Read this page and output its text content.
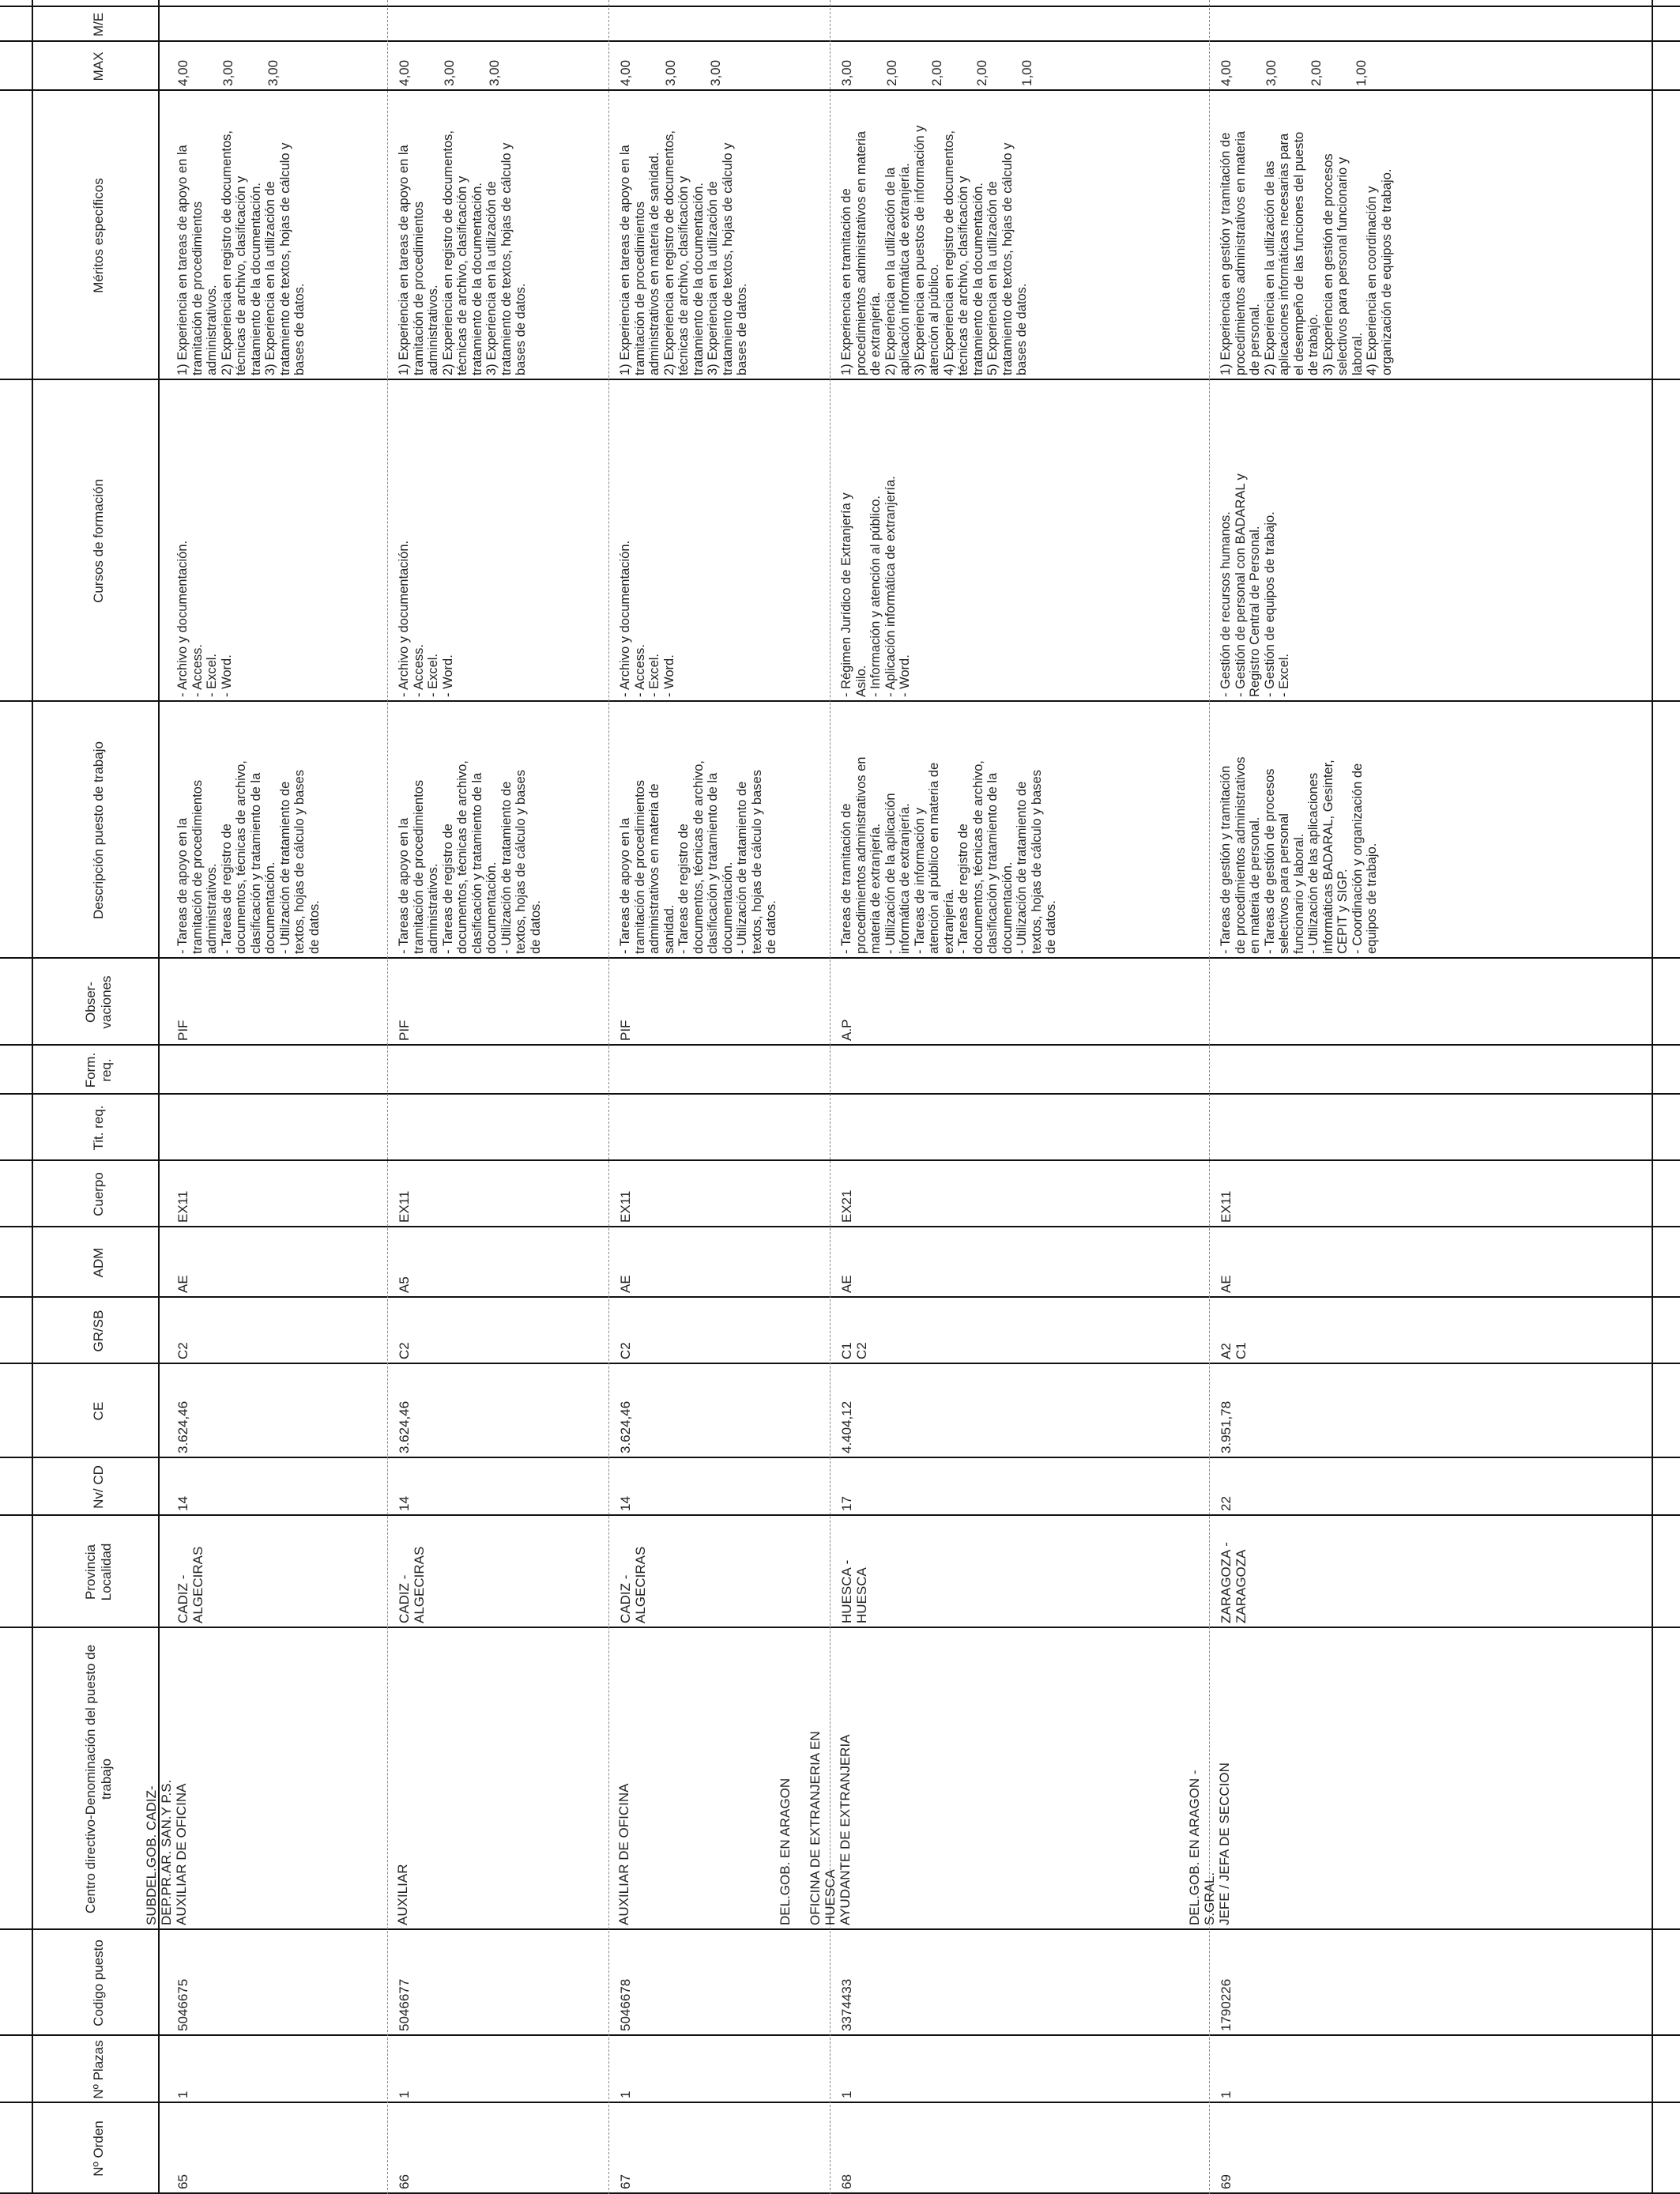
Nº Orden
Nº Plazas
Codigo puesto
Centro directivo-Denominación del puesto de trabajo
Provincia Localidad
Nv/ CD
CE
GR/SB
ADM
Cuerpo
Tit. req.
Form. req.
Obser-vaciones
Descripción puesto de trabajo
Cursos de formación
Méritos específicos
MAX
M/E
65
1
5046675
SUBDEL.GOB. CADIZ-
DEP.PR.AR. SAN.Y P.S. AUXILIAR DE OFICINA
CADIZ -
ALGECIRAS
14
3.624,46
C2
AE
EX11
PIF
- Tareas de apoyo en la
tramitación de procedimientos
administrativos.
- Tareas de registro de
documentos, técnicas de archivo,
clasificación y tratamiento de la
documentación.
- Utilización de tratamiento de
textos, hojas de cálculo y bases
de datos.
- Archivo y documentación.
- Access.
- Excel.
- Word.
1) Experiencia en tareas de apoyo en la
tramitación de procedimientos
administrativos.
2) Experiencia en registro de documentos,
técnicas de archivo, clasificación y
tratamiento de la documentación.
3) Experiencia en la utilización de
tratamiento de textos, hojas de cálculo y
bases de datos.
4,00 3,00 3,00
66
1
5046677
AUXILIAR
CADIZ -
ALGECIRAS
14
3.624,46
C2
A5
EX11
PIF
- Tareas de apoyo en la
tramitación de procedimientos
administrativos.
- Tareas de registro de
documentos, técnicas de archivo,
clasificación y tratamiento de la
documentación.
- Utilización de tratamiento de
textos, hojas de cálculo y bases
de datos.
- Archivo y documentación.
- Access.
- Excel.
- Word.
1) Experiencia en tareas de apoyo en la
tramitación de procedimientos
administrativos.
2) Experiencia en registro de documentos,
técnicas de archivo, clasificación y
tratamiento de la documentación.
3) Experiencia en la utilización de
tratamiento de textos, hojas de cálculo y
bases de datos.
4,00 3,00 3,00
67
1
5046678
AUXILIAR DE OFICINA
CADIZ -
ALGECIRAS
14
3.624,46
C2
AE
EX11
PIF
- Tareas de apoyo en la
tramitación de procedimientos
administrativos en materia de
sanidad.
- Tareas de registro de
documentos, técnicas de archivo,
clasificación y tratamiento de la
documentación.
- Utilización de tratamiento de
textos, hojas de cálculo y bases
de datos.
- Archivo y documentación.
- Access.
- Excel.
- Word.
1) Experiencia en tareas de apoyo en la
tramitación de procedimientos
administrativos en materia de sanidad.
2) Experiencia en registro de documentos,
técnicas de archivo, clasificación y
tratamiento de la documentación.
3) Experiencia en la utilización de
tratamiento de textos, hojas de cálculo y
bases de datos.
4,00 3,00 3,00
68
1
3374433
DEL.GOB. EN ARAGON

OFICINA DE EXTRANJERIA EN
HUESCA AYUDANTE DE EXTRANJERIA
HUESCA -
HUESCA
17
4.404,12
C1
C2
AE
EX21
A.P
- Tareas de tramitación de
procedimientos administrativos en
materia de extranjería.
- Utilización de la aplicación
informática de extranjería.
- Tareas de información y
atención al público en materia de
extranjería.
- Tareas de registro de
documentos, técnicas de archivo,
clasificación y tratamiento de la
documentación.
- Utilización de tratamiento de
textos, hojas de cálculo y bases
de datos.
- Régimen Jurídico de Extranjería y
Asilo.
- Información y atención al público.
- Aplicación informática de extranjería.
- Word.
1) Experiencia en tramitación de
procedimientos administrativos en materia
de extranjería.
2) Experiencia en la utilización de la
aplicación informática de extranjería.
3) Experiencia en puestos de información y
atención al público.
4) Experiencia en registro de documentos,
técnicas de archivo, clasificación y
tratamiento de la documentación.
5) Experiencia en la utilización de
tratamiento de textos, hojas de cálculo y
bases de datos.
3,00 2,00 2,00 2,00 1,00
69
1
1790226
DEL.GOB. EN ARAGON -
S.GRAL. JEFE / JEFA DE SECCION
ZARAGOZA -
ZARAGOZA
22
3.951,78
A2
C1
AE
EX11
- Tareas de gestión y tramitación
de procedimientos administrativos
en materia de personal.
- Tareas de gestión de procesos
selectivos para personal
funcionario y laboral.
- Utilización de las aplicaciones
informáticas BADARAL, Gesinter,
CEPIT y SIGP.
- Coordinación y organización de
equipos de trabajo.
- Gestión de recursos humanos.
- Gestión de personal con BADARAL y
Registro Central de Personal.
- Gestión de equipos de trabajo.
- Excel.
1) Experiencia en gestión y tramitación de
procedimientos administrativos en materia
de personal.
2) Experiencia en la utilización de las
aplicaciones informáticas necesarias para
el desempeño de las funciones del puesto
de trabajo.
3) Experiencia en gestión de procesos
selectivos para personal funcionario y
laboral.
4) Experiencia en coordinación y
organización de equipos de trabajo.
4,00 3,00 2,00 1,00
